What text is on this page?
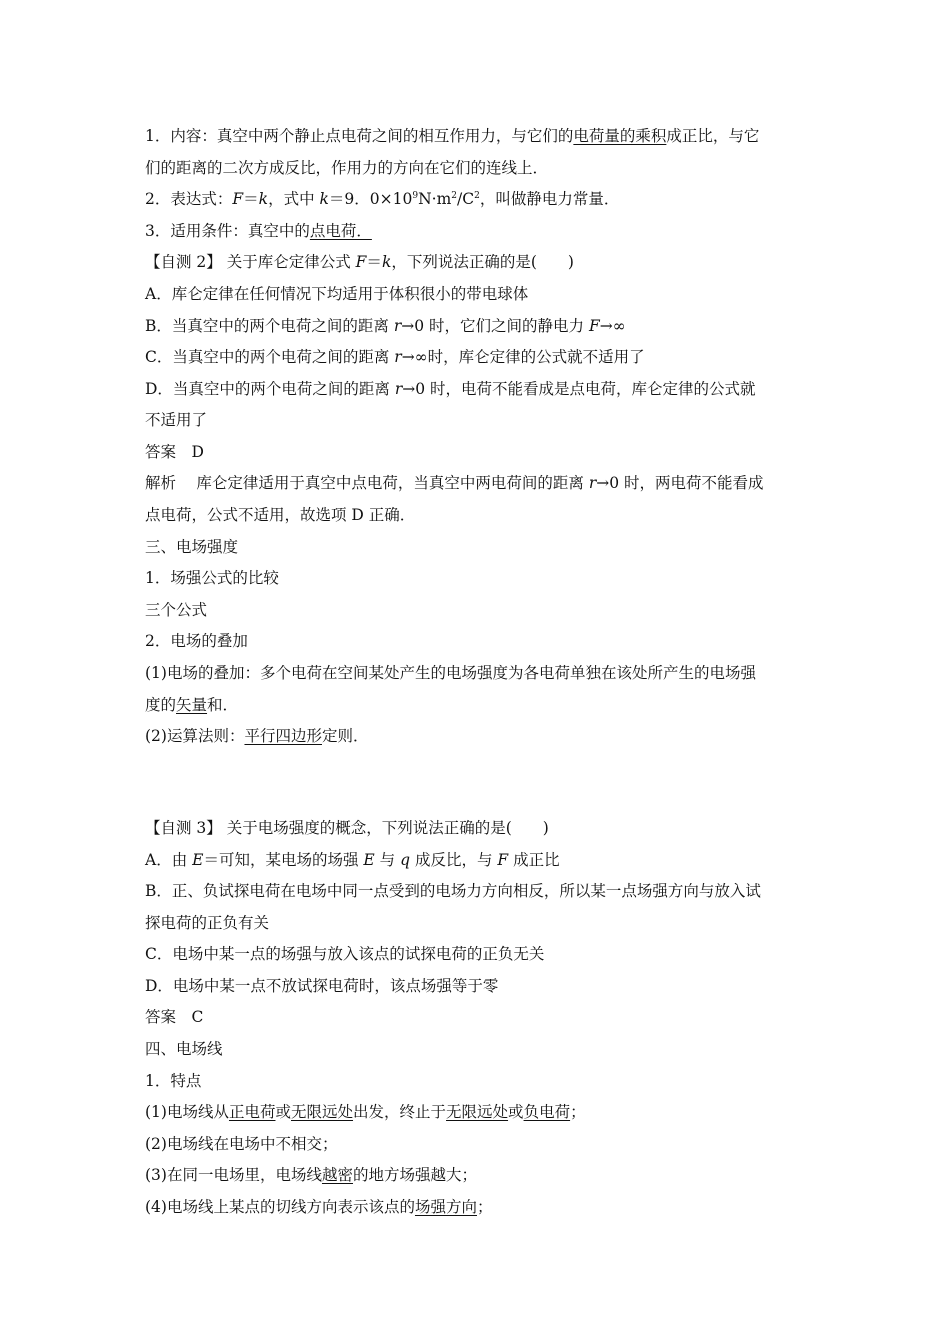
1．内容：真空中两个静止点电荷之间的相互作用力，与它们的电荷量的乘积成正比，与它
们的距离的二次方成反比，作用力的方向在它们的连线上．
2．表达式：F＝k，式中 k＝9．$0\times 10^9N\cdot m^2/C^2$，叫做静电力常量．
3．适用条件：真空中的点电荷．
【自测 2】 关于库仑定律公式 F＝k，下列说法正确的是(　　)
A．库仑定律在任何情况下均适用于体积很小的带电球体
B．当真空中的两个电荷之间的距离 r→0 时，它们之间的静电力 F→∞
C．当真空中的两个电荷之间的距离 r→∞时，库仑定律的公式就不适用了
D．当真空中的两个电荷之间的距离 r→0 时，电荷不能看成是点电荷，库仑定律的公式就
不适用了
答案　D
解析　 库仑定律适用于真空中点电荷，当真空中两电荷间的距离 r→0 时，两电荷不能看成
点电荷，公式不适用，故选项 D 正确．
三、电场强度
1．场强公式的比较
三个公式
2．电场的叠加
(1)电场的叠加：多个电荷在空间某处产生的电场强度为各电荷单独在该处所产生的电场强
度的矢量和．
(2)运算法则：平行四边形定则．
【自测 3】 关于电场强度的概念，下列说法正确的是(　　)
A．由 E＝可知，某电场的场强 E 与 q 成反比，与 F 成正比
B．正、负试探电荷在电场中同一点受到的电场力方向相反，所以某一点场强方向与放入试
探电荷的正负有关
C．电场中某一点的场强与放入该点的试探电荷的正负无关
D．电场中某一点不放试探电荷时，该点场强等于零
答案　C
四、电场线
1．特点
(1)电场线从正电荷或无限远处出发，终止于无限远处或负电荷；
(2)电场线在电场中不相交；
(3)在同一电场里，电场线越密的地方场强越大；
(4)电场线上某点的切线方向表示该点的场强方向；
